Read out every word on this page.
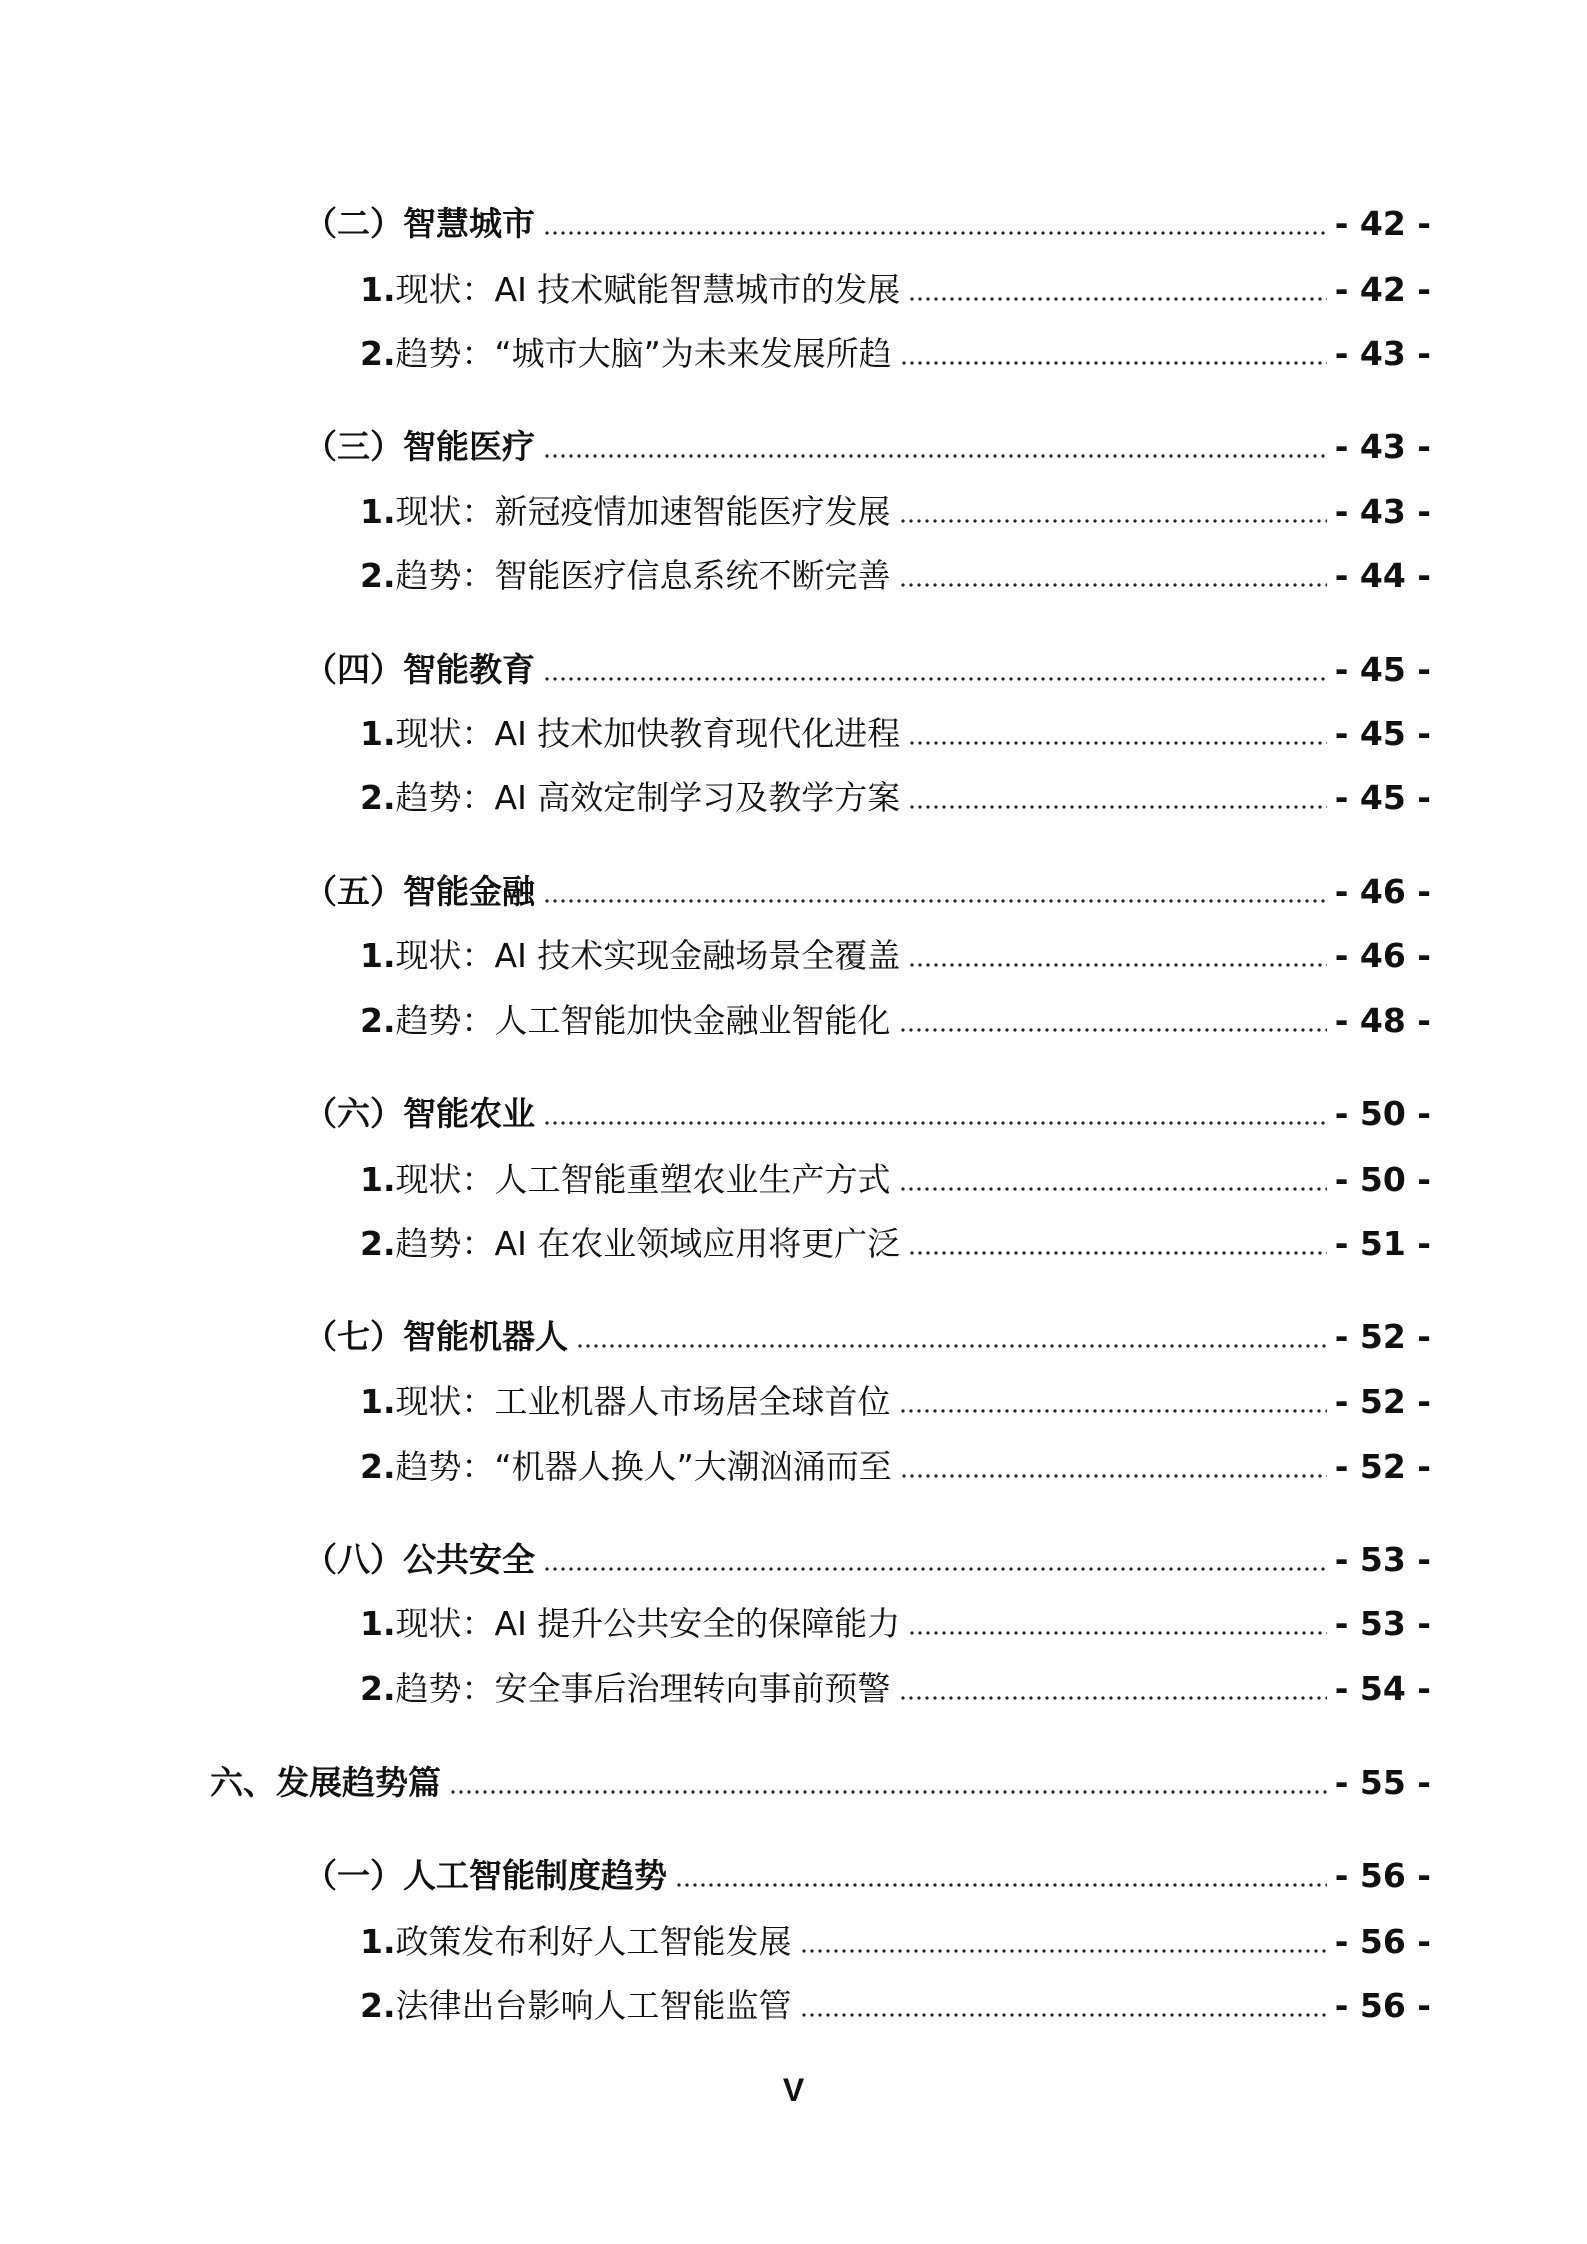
（二）智慧城市	- 42 -
1.现状：AI 技术赋能智慧城市的发展	- 42 -
2.趋势：“城市大脑”为未来发展所趋	- 43 -
（三）智能医疗	- 43 -
1.现状：新冠疫情加速智能医疗发展	- 43 -
2.趋势：智能医疗信息系统不断完善	- 44 -
（四）智能教育	- 45 -
1.现状：AI 技术加快教育现代化进程	- 45 -
2.趋势：AI 高效定制学习及教学方案	- 45 -
（五）智能金融	- 46 -
1.现状：AI 技术实现金融场景全覆盖	- 46 -
2.趋势：人工智能加快金融业智能化	- 48 -
（六）智能农业	- 50 -
1.现状：人工智能重塑农业生产方式	- 50 -
2.趋势：AI 在农业领域应用将更广泛	- 51 -
（七）智能机器人	- 52 -
1.现状：工业机器人市场居全球首位	- 52 -
2.趋势：“机器人换人”大潮汹涌而至	- 52 -
（八）公共安全	- 53 -
1.现状：AI 提升公共安全的保障能力	- 53 -
2.趋势：安全事后治理转向事前预警	- 54 -
六、发展趋势篇	- 55 -
（一）人工智能制度趋势	- 56 -
1.政策发布利好人工智能发展	- 56 -
2.法律出台影响人工智能监管	- 56 -
V
